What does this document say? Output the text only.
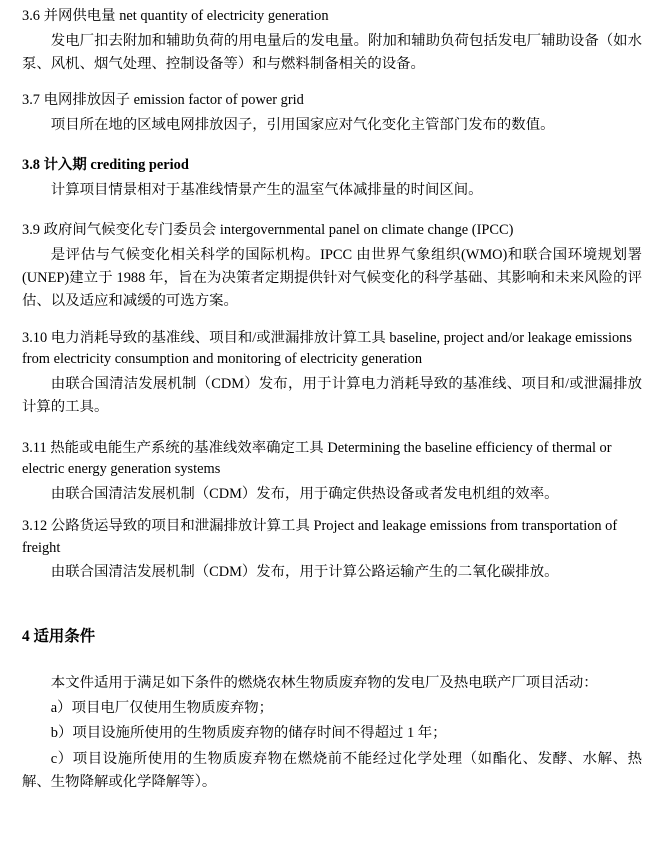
3.6 并网供电量 net quantity of electricity generation

发电厂扣去附加和辅助负荷的用电量后的发电量。附加和辅助负荷包括发电厂辅助设备（如水泵、风机、烟气处理、控制设备等）和与燃料制备相关的设备。

3.7 电网排放因子 emission factor of power grid

项目所在地的区域电网排放因子，引用国家应对气化变化主管部门发布的数值。

3.8 计入期 crediting period

计算项目情景相对于基准线情景产生的温室气体减排量的时间区间。

3.9 政府间气候变化专门委员会 intergovernmental panel on climate change (IPCC)

是评估与气候变化相关科学的国际机构。IPCC 由世界气象组织(WMO)和联合国环境规划署(UNEP)建立于 1988 年，旨在为决策者定期提供针对气候变化的科学基础、其影响和未来风险的评估、以及适应和减缓的可选方案。

3.10 电力消耗导致的基准线、项目和/或泄漏排放计算工具 baseline, project and/or leakage emissions from electricity consumption and monitoring of electricity generation

由联合国清洁发展机制（CDM）发布，用于计算电力消耗导致的基准线、项目和/或泄漏排放计算的工具。

3.11 热能或电能生产系统的基准线效率确定工具 Determining the baseline efficiency of thermal or electric energy generation systems

由联合国清洁发展机制（CDM）发布，用于确定供热设备或者发电机组的效率。

3.12 公路货运导致的项目和泄漏排放计算工具 Project and leakage emissions from transportation of freight

由联合国清洁发展机制（CDM）发布，用于计算公路运输产生的二氧化碳排放。

4 适用条件

本文件适用于满足如下条件的燃烧农林生物质废弃物的发电厂及热电联产厂项目活动：

a）项目电厂仅使用生物质废弃物；

b）项目设施所使用的生物质废弃物的储存时间不得超过 1 年；

c）项目设施所使用的生物质废弃物在燃烧前不能经过化学处理（如酯化、发酵、水解、热解、生物降解或化学降解等）。
